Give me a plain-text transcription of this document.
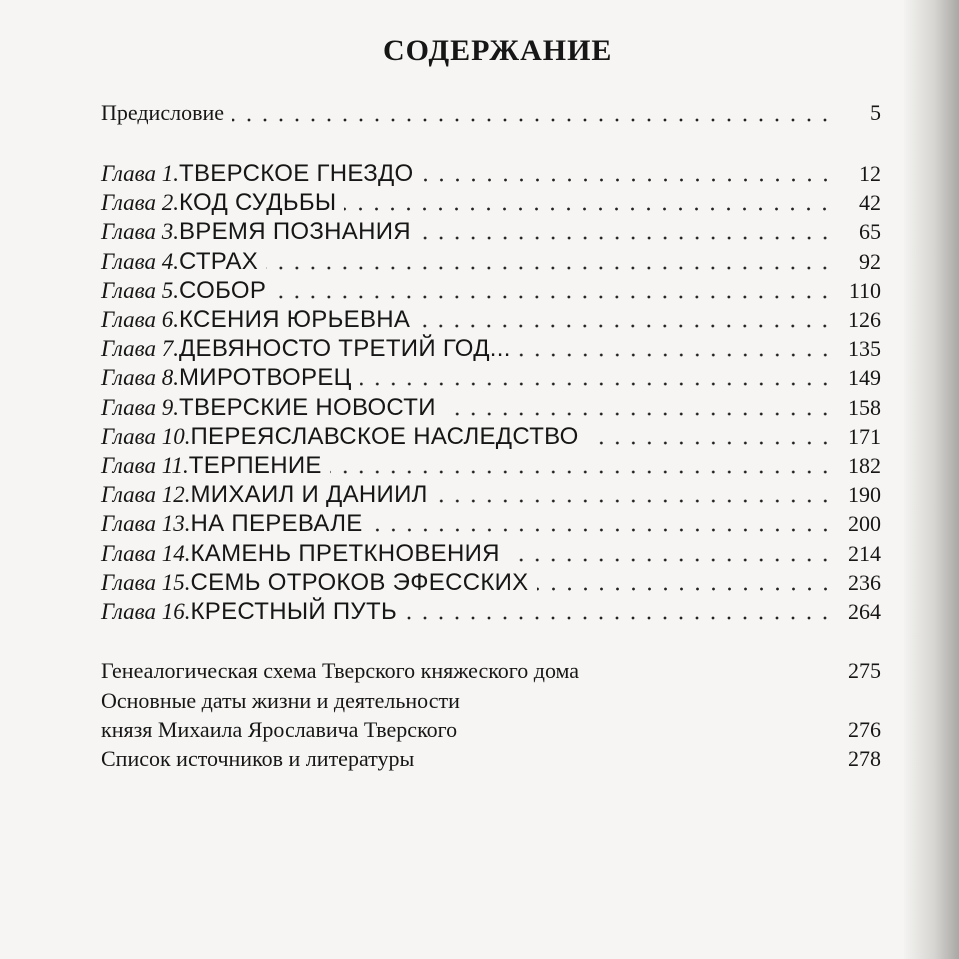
СОДЕРЖАНИЕ
Предисловие	5
Глава 1. ТВЕРСКОЕ ГНЕЗДО	12
Глава 2. КОД СУДЬБЫ	42
Глава 3. ВРЕМЯ ПОЗНАНИЯ	65
Глава 4. СТРАХ	92
Глава 5. СОБОР	110
Глава 6. КСЕНИЯ ЮРЬЕВНА	126
Глава 7. ДЕВЯНОСТО ТРЕТИЙ ГОД...	135
Глава 8. МИРОТВОРЕЦ	149
Глава 9. ТВЕРСКИЕ НОВОСТИ	158
Глава 10. ПЕРЕЯСЛАВСКОЕ НАСЛЕДСТВО	171
Глава 11. ТЕРПЕНИЕ	182
Глава 12. МИХАИЛ И ДАНИИЛ	190
Глава 13. НА ПЕРЕВАЛЕ	200
Глава 14. КАМЕНЬ ПРЕТКНОВЕНИЯ	214
Глава 15. СЕМЬ ОТРОКОВ ЭФЕССКИХ	236
Глава 16. КРЕСТНЫЙ ПУТЬ	264
Генеалогическая схема Тверского княжеского дома	275
Основные даты жизни и деятельности
князя Михаила Ярославича Тверского	276
Список источников и литературы	278
